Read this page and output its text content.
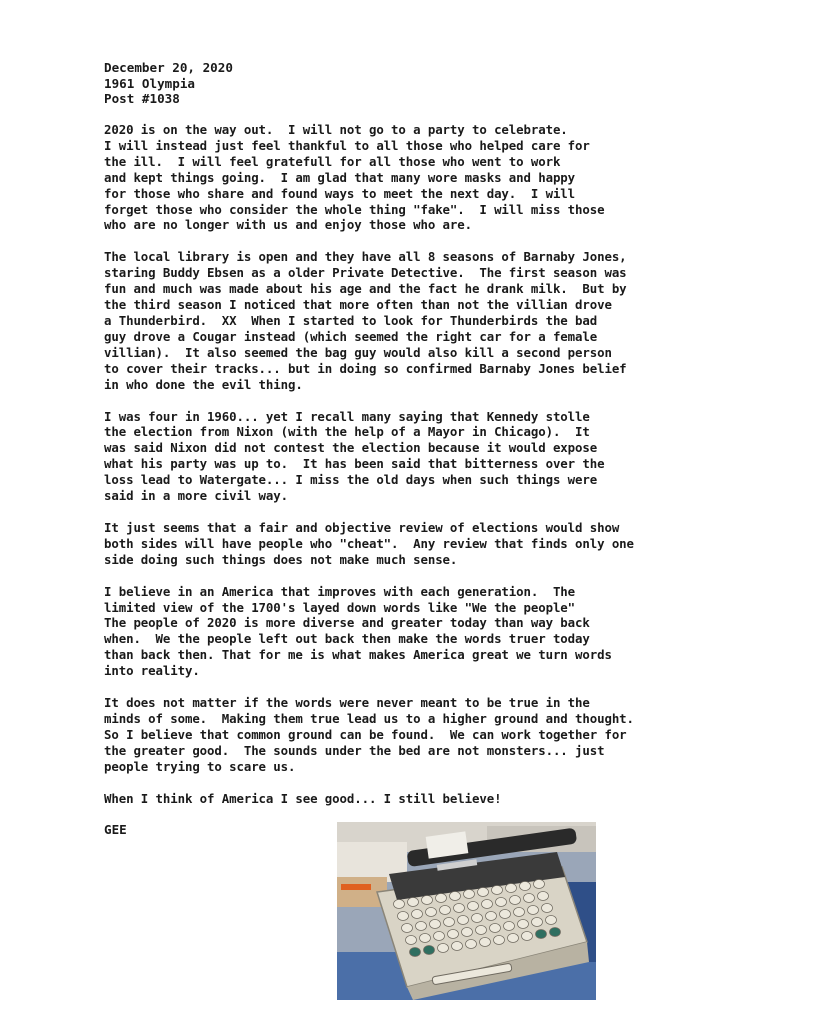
December 20, 2020
1961 Olympia
Post #1038
2020 is on the way out.  I will not go to a party to celebrate.
I will instead just feel thankful to all those who helped care for
the ill.  I will feel gratefull for all those who went to work
and kept things going.  I am glad that many wore masks and happy
for those who share and found ways to meet the next day.  I will
forget those who consider the whole thing "fake".  I will miss those
who are no longer with us and enjoy those who are.
The local library is open and they have all 8 seasons of Barnaby Jones,
staring Buddy Ebsen as a older Private Detective.  The first season was
fun and much was made about his age and the fact he drank milk.  But by
the third season I noticed that more often than not the villian drove
a Thunderbird.  XX  When I started to look for Thunderbirds the bad
guy drove a Cougar instead (which seemed the right car for a female
villian).  It also seemed the bag guy would also kill a second person
to cover their tracks... but in doing so confirmed Barnaby Jones belief
in who done the evil thing.
I was four in 1960... yet I recall many saying that Kennedy stolle
the election from Nixon (with the help of a Mayor in Chicago).  It
was said Nixon did not contest the election because it would expose
what his party was up to.  It has been said that bitterness over the
loss lead to Watergate... I miss the old days when such things were
said in a more civil way.
It just seems that a fair and objective review of elections would show
both sides will have people who "cheat".  Any review that finds only one
side doing such things does not make much sense.
I believe in an America that improves with each generation.  The
limited view of the 1700's layed down words like "We the people"
The people of 2020 is more diverse and greater today than way back
when.  We the people left out back then make the words truer today
than back then. That for me is what makes America great we turn words
into reality.
It does not matter if the words were never meant to be true in the
minds of some.  Making them true lead us to a higher ground and thought.
So I believe that common ground can be found.  We can work together for
the greater good.  The sounds under the bed are not monsters... just
people trying to scare us.
When I think of America I see good... I still believe!
GEE
